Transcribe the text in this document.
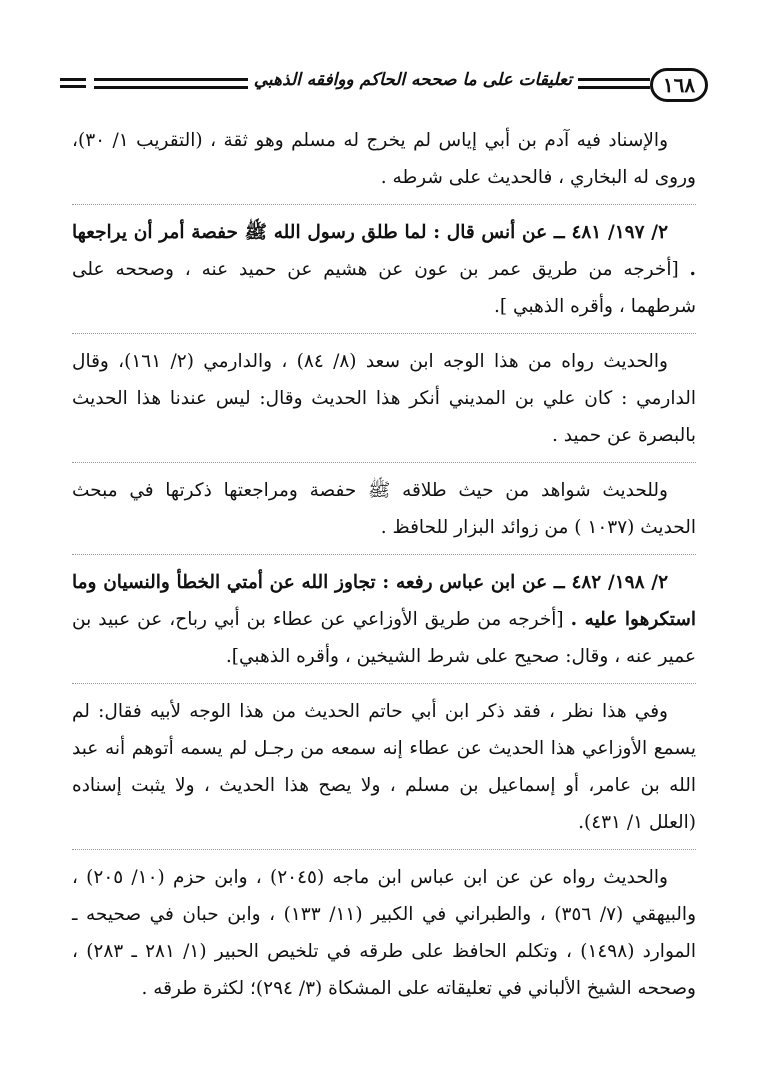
تعليقات على ما صححه الحاكم ووافقه الذهبي	١٦٨

والإسناد فيه آدم بن أبي إياس لم يخرج له مسلم وهو ثقة ، (التقريب ١/ ٣٠)، وروى له البخاري ، فالحديث على شرطه .

٢/ ١٩٧/ ٤٨١ ــ عن أنس قال : لما طلق رسول الله ﷺ حفصة أمر أن يراجعها . [أخرجه من طريق عمر بن عون عن هشيم عن حميد عنه ، وصححه على شرطهما ، وأقره الذهبي ].

والحديث رواه من هذا الوجه ابن سعد (٨/ ٨٤) ، والدارمي (٢/ ١٦١)، وقال الدارمي : كان علي بن المديني أنكر هذا الحديث وقال: ليس عندنا هذا الحديث بالبصرة عن حميد .

وللحديث شواهد من حيث طلاقه ﷺ حفصة ومراجعتها ذكرتها في مبحث الحديث (١٠٣٧ ) من زوائد البزار للحافظ .

٢/ ١٩٨/ ٤٨٢ ــ عن ابن عباس رفعه : تجاوز الله عن أمتي الخطأ والنسيان وما استكرهوا عليه . [أخرجه من طريق الأوزاعي عن عطاء بن أبي رباح، عن عبيد بن عمير عنه ، وقال: صحيح على شرط الشيخين ، وأقره الذهبي].

وفي هذا نظر ، فقد ذكر ابن أبي حاتم الحديث من هذا الوجه لأبيه فقال: لم يسمع الأوزاعي هذا الحديث عن عطاء إنه سمعه من رجـل لم يسمه أتوهم أنه عبد الله بن عامر، أو إسماعيل بن مسلم ، ولا يصح هذا الحديث ، ولا يثبت إسناده (العلل ١/ ٤٣١).

والحديث رواه عن عن ابن عباس ابن ماجه (٢٠٤٥) ، وابن حزم (١٠/ ٢٠٥) ، والبيهقي (٧/ ٣٥٦) ، والطبراني في الكبير (١١/ ١٣٣) ، وابن حبان في صحيحه ـ الموارد (١٤٩٨) ، وتكلم الحافظ على طرقه في تلخيص الحبير (١/ ٢٨١ ـ ٢٨٣) ، وصححه الشيخ الألباني في تعليقاته على المشكاة (٣/ ٢٩٤)؛ لكثرة طرقه .
